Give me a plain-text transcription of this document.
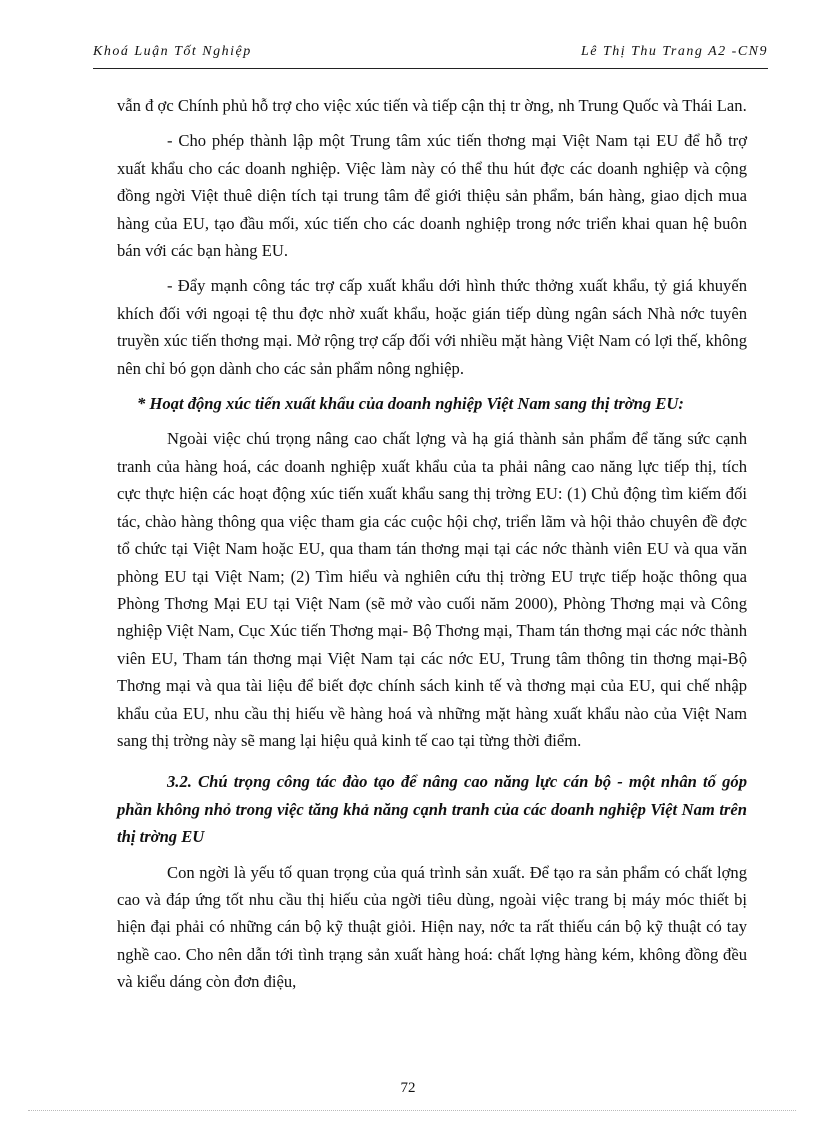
Khoá Luận Tốt Nghiệp	Lê Thị Thu Trang A2 -CN9

vẫn đ ợc Chính phủ hỗ trợ cho việc xúc tiến và tiếp cận thị tr ờng, nh Trung Quốc và Thái Lan.

- Cho phép thành lập một Trung tâm xúc tiến thơng mại Việt Nam tại EU để hỗ trợ xuất khẩu cho các doanh nghiệp. Việc làm này có thể thu hút đợc các doanh nghiệp và cộng đồng ngời Việt thuê diện tích tại trung tâm để giới thiệu sản phẩm, bán hàng, giao dịch mua hàng của EU, tạo đầu mối, xúc tiến cho các doanh nghiệp trong nớc triển khai quan hệ buôn bán với các bạn hàng EU.

- Đẩy mạnh công tác trợ cấp xuất khẩu dới hình thức thởng xuất khẩu, tỷ giá khuyến khích đối với ngoại tệ thu đợc nhờ xuất khẩu, hoặc gián tiếp dùng ngân sách Nhà nớc tuyên truyền xúc tiến thơng mại. Mở rộng trợ cấp đối với nhiều mặt hàng Việt Nam có lợi thế, không nên chỉ bó gọn dành cho các sản phẩm nông nghiệp.

* Hoạt động xúc tiến xuất khẩu của doanh nghiệp Việt Nam sang thị trờng EU:

Ngoài việc chú trọng nâng cao chất lợng và hạ giá thành sản phẩm để tăng sức cạnh tranh của hàng hoá, các doanh nghiệp xuất khẩu của ta phải nâng cao năng lực tiếp thị, tích cực thực hiện các hoạt động xúc tiến xuất khẩu sang thị trờng EU: (1) Chủ động tìm kiếm đối tác, chào hàng thông qua việc tham gia các cuộc hội chợ, triển lãm và hội thảo chuyên đề đợc tổ chức tại Việt Nam hoặc EU, qua tham tán thơng mại tại các nớc thành viên EU và qua văn phòng EU tại Việt Nam; (2) Tìm hiểu và nghiên cứu thị trờng EU trực tiếp hoặc thông qua Phòng Thơng Mại EU tại Việt Nam (sẽ mở vào cuối năm 2000), Phòng Thơng mại và Công nghiệp Việt Nam, Cục Xúc tiến Thơng mại- Bộ Thơng mại, Tham tán thơng mại các nớc thành viên EU, Tham tán thơng mại Việt Nam tại các nớc EU, Trung tâm thông tin thơng mại-Bộ Thơng mại và qua tài liệu để biết đợc chính sách kinh tế và thơng mại của EU, qui chế nhập khẩu của EU, nhu cầu thị hiếu về hàng hoá và những mặt hàng xuất khẩu nào của Việt Nam sang thị trờng này sẽ mang lại hiệu quả kinh tế cao tại từng thời điểm.

3.2. Chú trọng công tác đào tạo để nâng cao năng lực cán bộ - một nhân tố góp phần không nhỏ trong việc tăng khả năng cạnh tranh của các doanh nghiệp Việt Nam trên thị trờng EU

Con ngời là yếu tố quan trọng của quá trình sản xuất. Để tạo ra sản phẩm có chất lợng cao và đáp ứng tốt nhu cầu thị hiếu của ngời tiêu dùng, ngoài việc trang bị máy móc thiết bị hiện đại phải có những cán bộ kỹ thuật giỏi. Hiện nay, nớc ta rất thiếu cán bộ kỹ thuật có tay nghề cao. Cho nên dẫn tới tình trạng sản xuất hàng hoá: chất lợng hàng kém, không đồng đều và kiểu dáng còn đơn điệu,

72
